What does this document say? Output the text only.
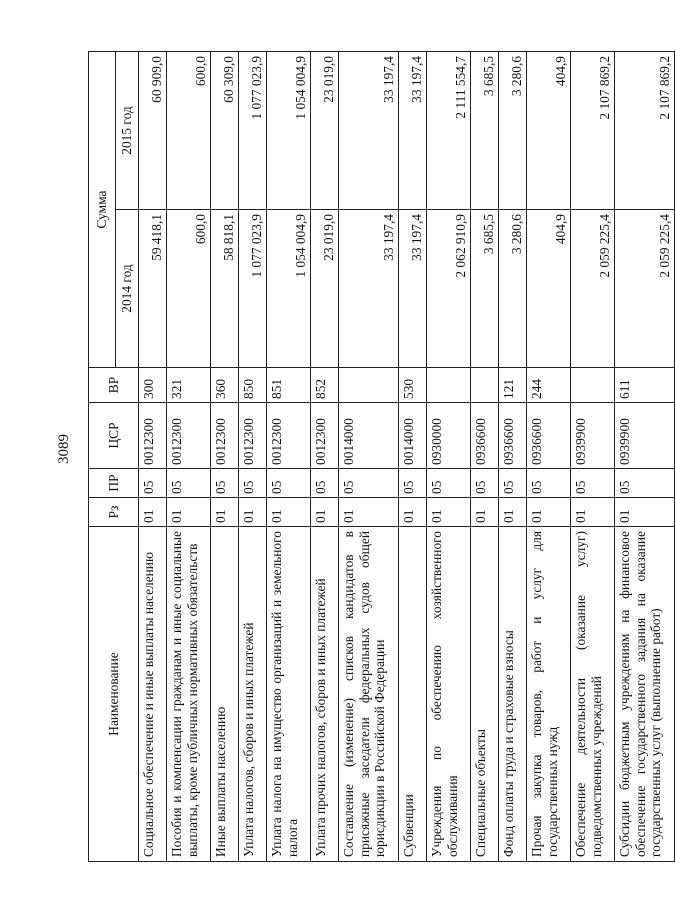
3089
Наименование	Рз	ПР	ЦСР	ВР	Сумма	
					2014 год	2015 год
Социальное обеспечение и иные выплаты населению	01	05	0012300	300	59 418,1	60 909,0
Пособия и компенсации гражданам и иные социальные выплаты, кроме публичных нормативных обязательств	01	05	0012300	321	600,0	600,0
Иные выплаты населению	01	05	0012300	360	58 818,1	60 309,0
Уплата налогов, сборов и иных платежей	01	05	0012300	850	1 077 023,9	1 077 023,9
Уплата налога на имущество организаций и земельного налога	01	05	0012300	851	1 054 004,9	1 054 004,9
Уплата прочих налогов, сборов и иных платежей	01	05	0012300	852	23 019,0	23 019,0
Составление (изменение) списков кандидатов в присяжные заседатели федеральных судов общей юрисдикции в Российской Федерации	01	05	0014000		33 197,4	33 197,4
Субвенции	01	05	0014000	530	33 197,4	33 197,4
Учреждения по обеспечению хозяйственного обслуживания	01	05	0930000		2 062 910,9	2 111 554,7
Специальные объекты	01	05	0936600		3 685,5	3 685,5
Фонд оплаты труда и страховые взносы	01	05	0936600	121	3 280,6	3 280,6
Прочая закупка товаров, работ и услуг для государственных нужд	01	05	0936600	244	404,9	404,9
Обеспечение деятельности (оказание услуг) подведомственных учреждений	01	05	0939900		2 059 225,4	2 107 869,2
Субсидии бюджетным учреждениям на финансовое обеспечение государственного задания на оказание государственных услуг (выполнение работ)	01	05	0939900	611	2 059 225,4	2 107 869,2
